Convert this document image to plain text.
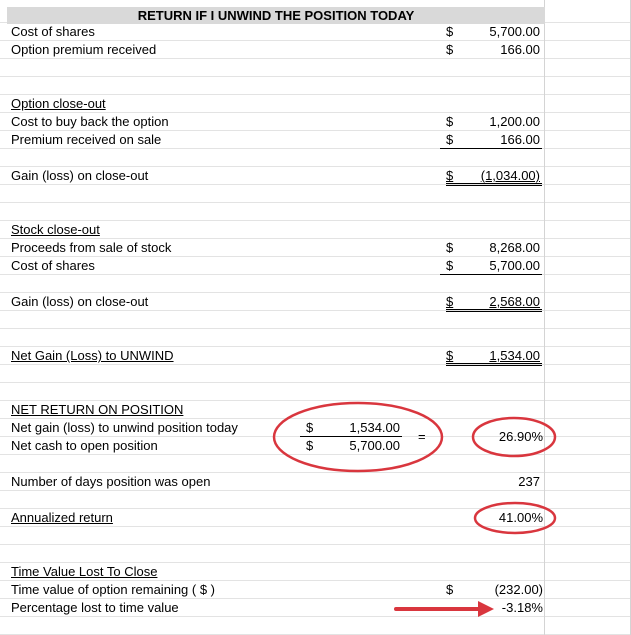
RETURN IF I UNWIND THE POSITION TODAY
Cost of shares	$	5,700.00
Option premium received	$	166.00
Option close-out
Cost to buy back the option	$	1,200.00
Premium received on sale	$	166.00
Gain (loss) on close-out	$	(1,034.00)
Stock close-out
Proceeds from sale of stock	$	8,268.00
Cost of shares	$	5,700.00
Gain (loss) on close-out	$	2,568.00
Net Gain (Loss) to UNWIND	$	1,534.00
NET RETURN ON POSITION
Net gain (loss) to unwind position today	$	1,534.00
Net cash to open position	$	5,700.00
=	26.90%
Number of days position was open	237
Annualized return	41.00%
Time Value Lost To Close
Time value of option remaining ( $ )	$	(232.00)
Percentage lost to time value	-3.18%
